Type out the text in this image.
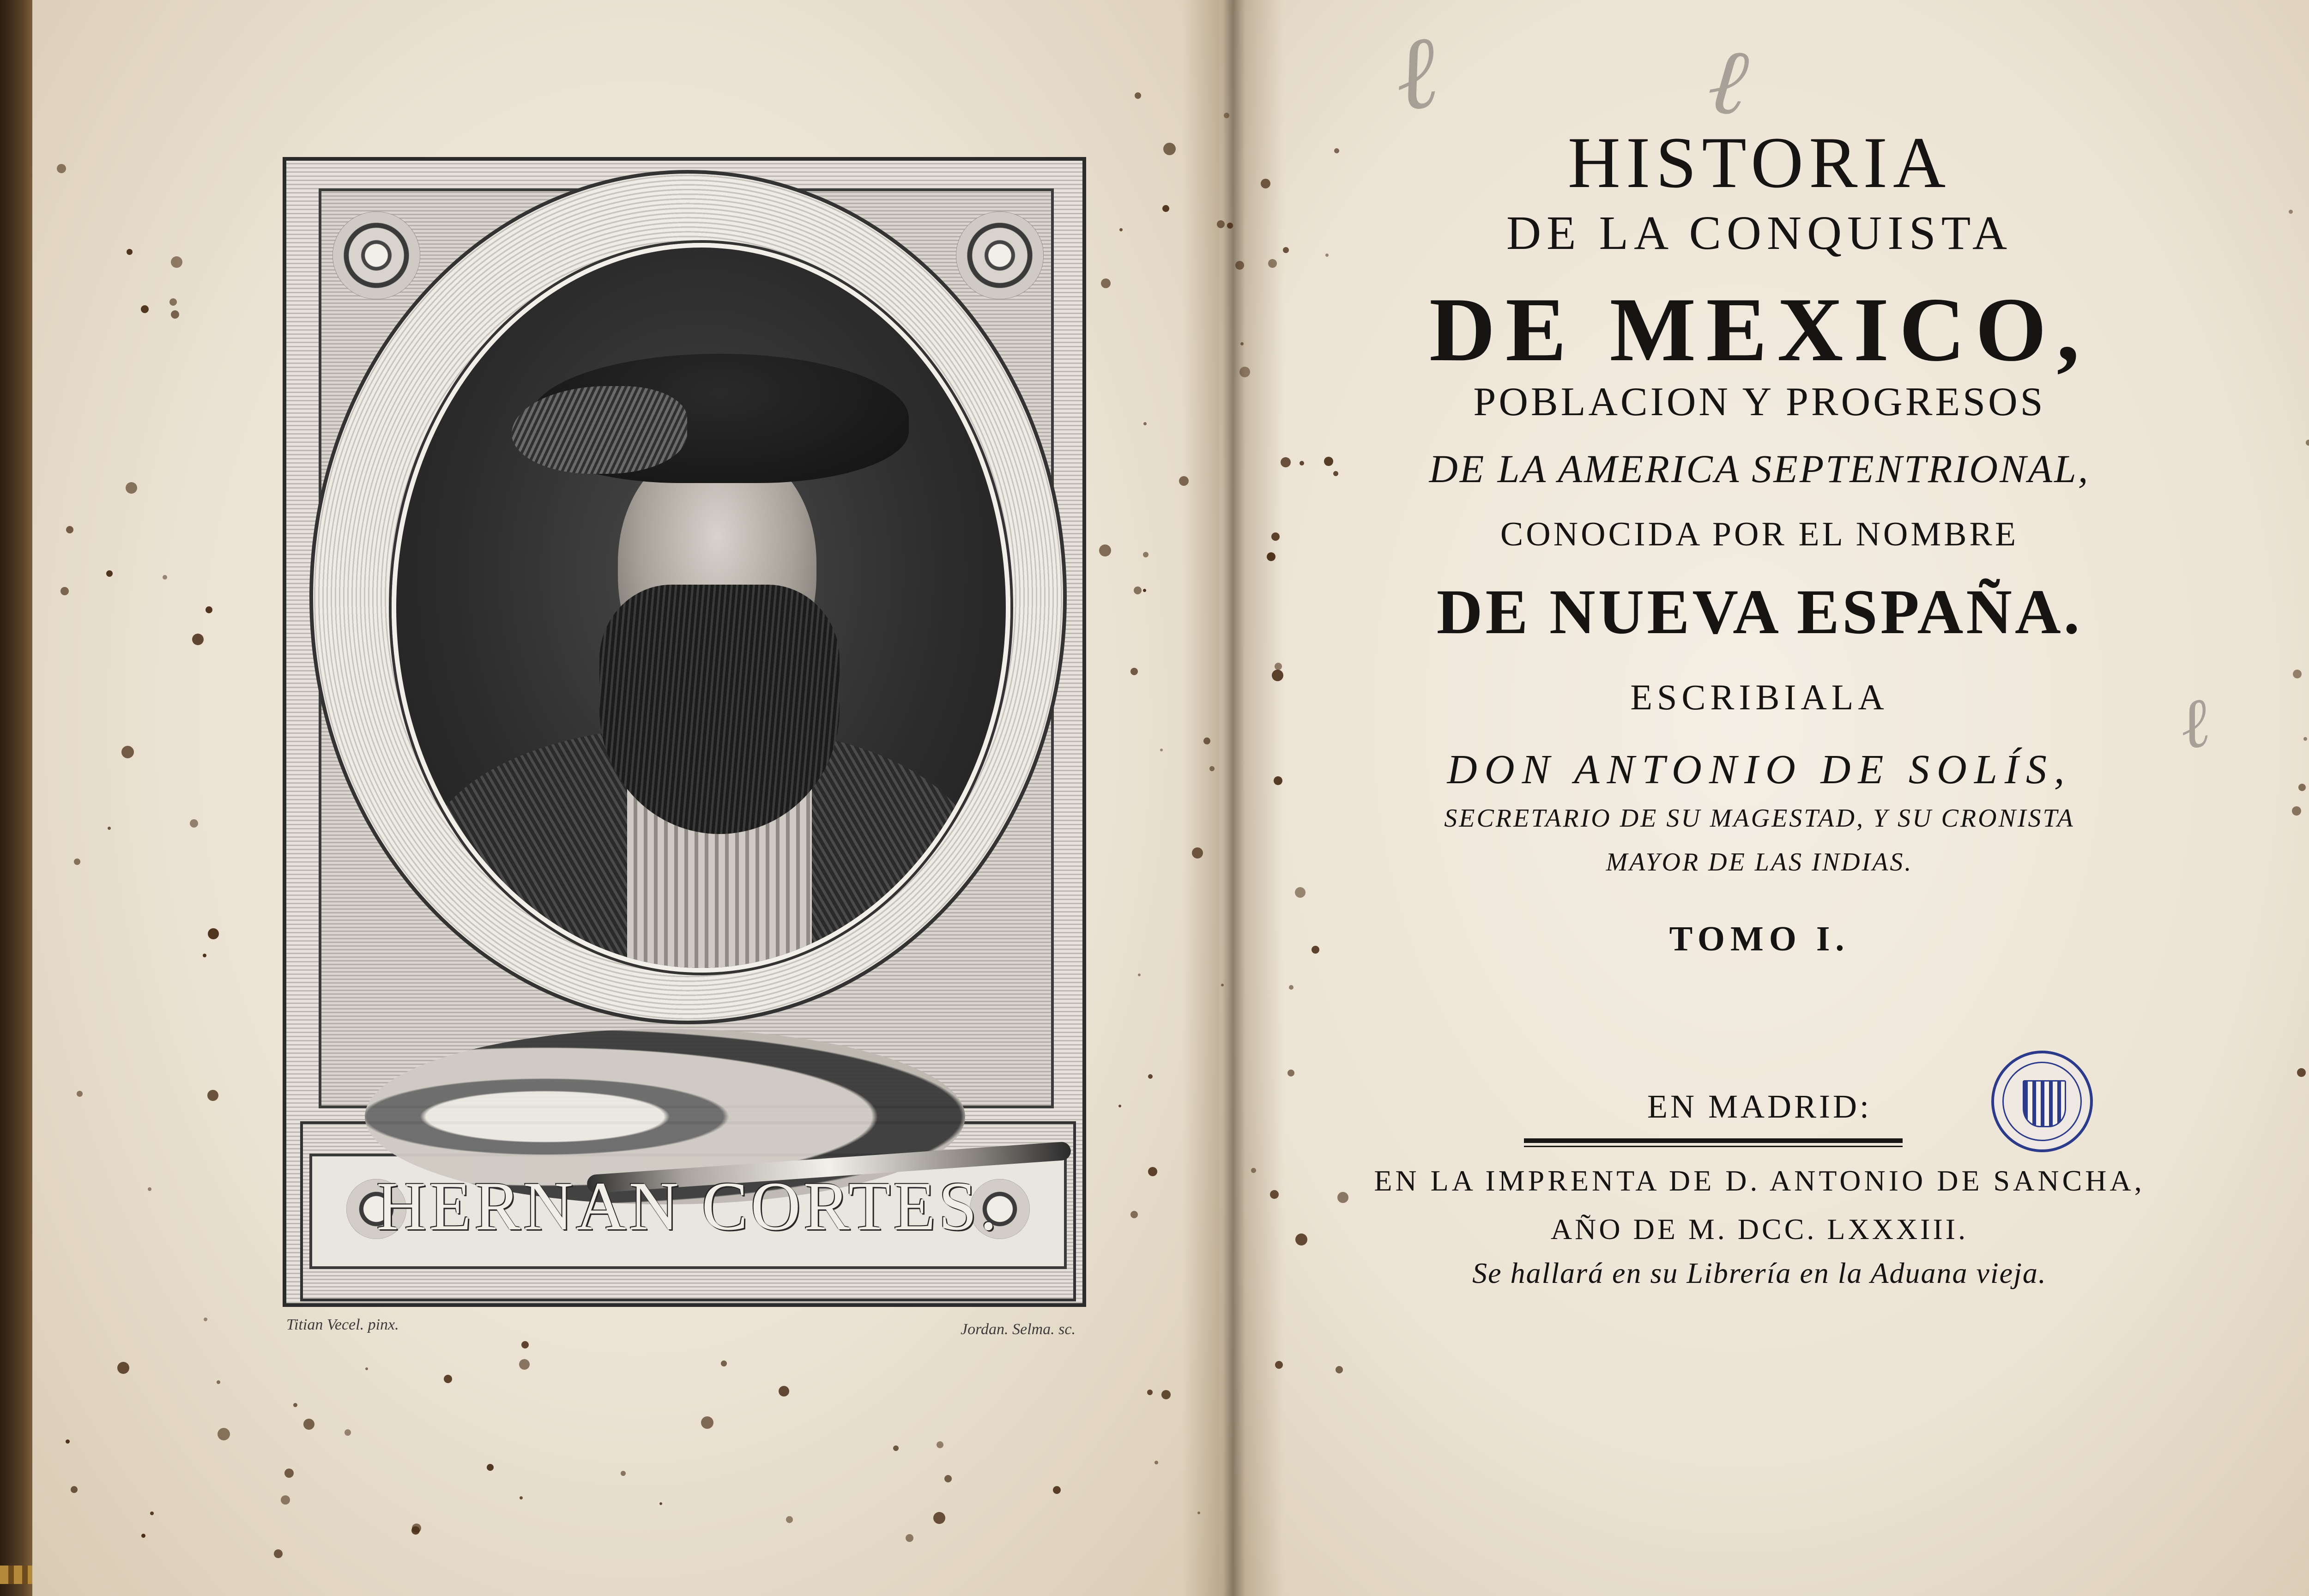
HERNAN CORTES.
Titian Vecel. pinx.	Jordan. Selma. sc.
ℓ	ℓ
ℓ
HISTORIA
DE LA CONQUISTA
DE MEXICO,
POBLACION Y PROGRESOS
DE LA AMERICA SEPTENTRIONAL,
CONOCIDA POR EL NOMBRE
DE NUEVA ESPAÑA.
ESCRIBIALA
DON ANTONIO DE SOLÍS,
SECRETARIO DE SU MAGESTAD, Y SU CRONISTA
MAYOR DE LAS INDIAS.
TOMO I.
EN MADRID:
EN LA IMPRENTA DE D. ANTONIO DE SANCHA,
AÑO DE M. DCC. LXXXIII.
Se hallará en su Librería en la Aduana vieja.
